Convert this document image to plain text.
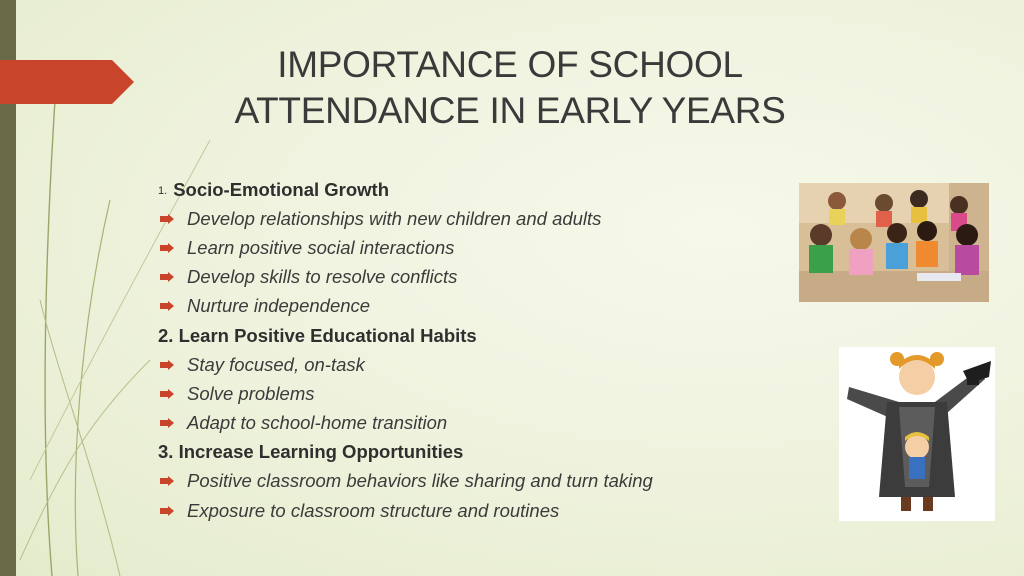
IMPORTANCE OF SCHOOL
ATTENDANCE IN EARLY YEARS
1. Socio-Emotional Growth
Develop relationships with new children and adults
Learn positive social interactions
Develop skills to resolve conflicts
Nurture independence
2.
Learn Positive Educational Habits
Stay focused, on-task
Solve problems
Adapt to school-home transition
3.
Increase Learning Opportunities
Positive classroom behaviors like sharing and turn taking
Exposure to classroom structure and routines
